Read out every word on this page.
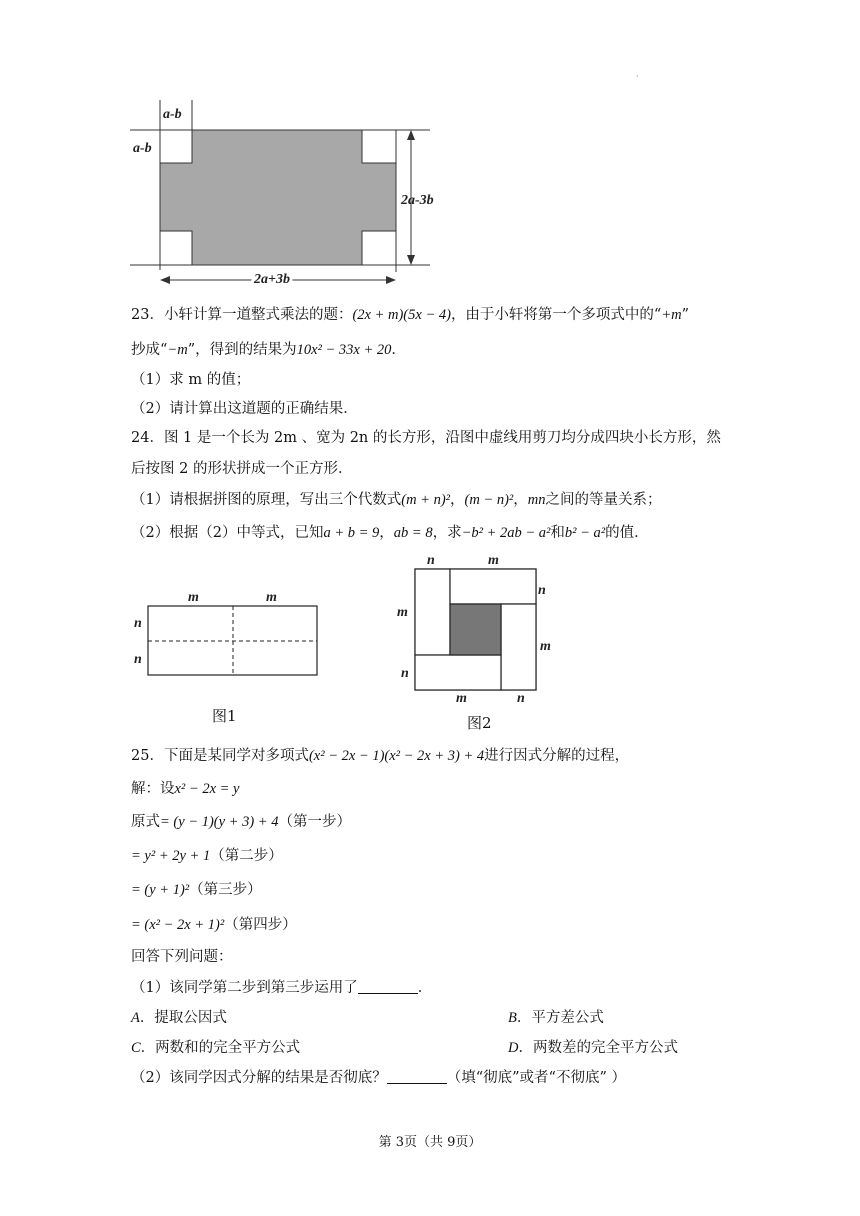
·
a-b
a-b
2a-3b
2a+3b
23．小轩计算一道整式乘法的题：(2x + m)(5x − 4)，由于小轩将第一个多项式中的“+m”
抄成“−m”，得到的结果为10x² − 33x + 20．
（1）求 m 的值；
（2）请计算出这道题的正确结果．
24．图 1 是一个长为 2m 、宽为 2n 的长方形，沿图中虚线用剪刀均分成四块小长方形，然
后按图 2 的形状拼成一个正方形．
（1）请根据拼图的原理，写出三个代数式(m + n)²，(m − n)²，mn之间的等量关系；
（2）根据（2）中等式，已知a + b = 9，ab = 8，求−b² + 2ab − a²和b² − a²的值．
m	m
n
n
图1
n	m
n
m
m
n
m	n
图2
25．下面是某同学对多项式(x² − 2x − 1)(x² − 2x + 3) + 4进行因式分解的过程，
解：设x² − 2x = y
原式= (y − 1)(y + 3) + 4（第一步）
= y² + 2y + 1（第二步）
= (y + 1)²（第三步）
= (x² − 2x + 1)²（第四步）
回答下列问题：
（1）该同学第二步到第三步运用了	．
A．提取公因式	B．平方差公式
C．两数和的完全平方公式	D．两数差的完全平方公式
（2）该同学因式分解的结果是否彻底？	（填“彻底”或者“不彻底” ）
第 3页（共 9页）
